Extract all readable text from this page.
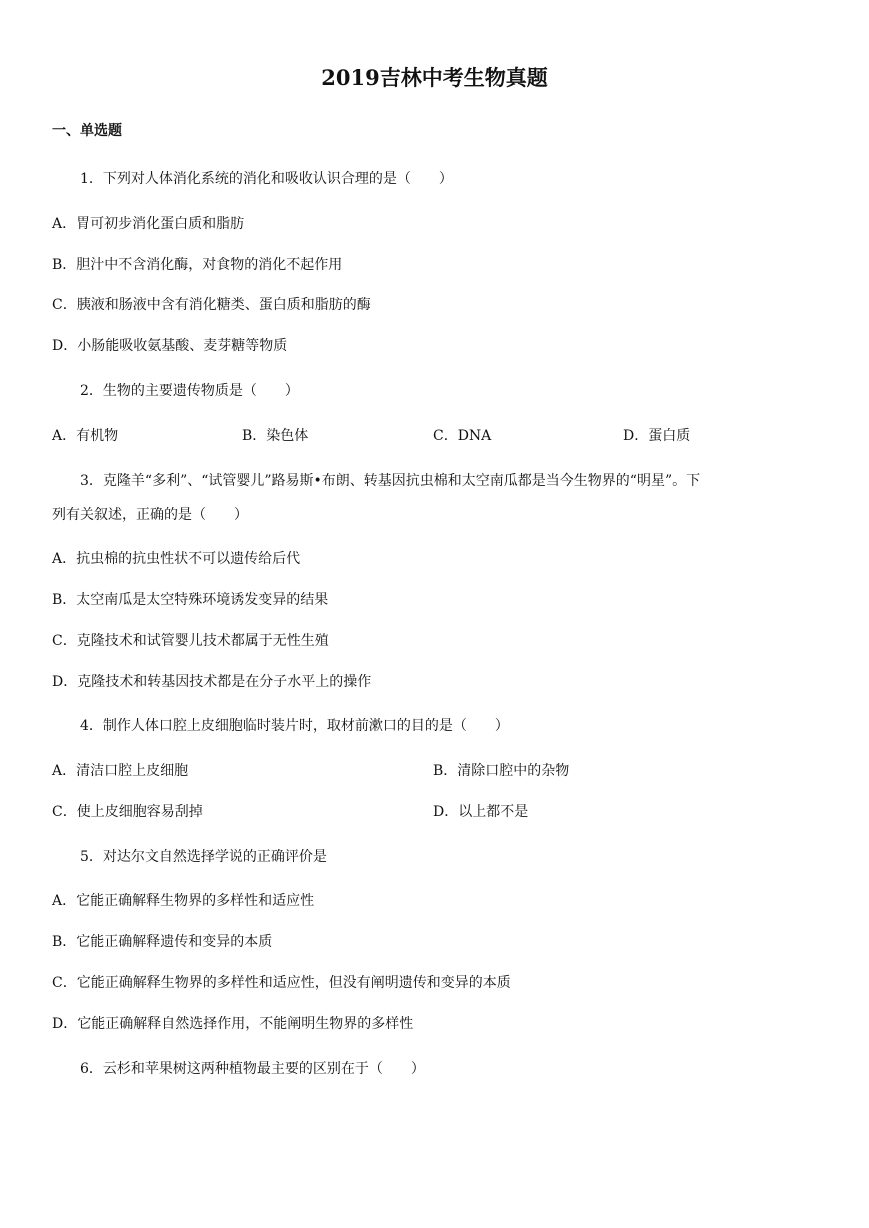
2019吉林中考生物真题
一、单选题
1．下列对人体消化系统的消化和吸收认识合理的是（　　）
A．胃可初步消化蛋白质和脂肪
B．胆汁中不含消化酶，对食物的消化不起作用
C．胰液和肠液中含有消化糖类、蛋白质和脂肪的酶
D．小肠能吸收氨基酸、麦芽糖等物质
2．生物的主要遗传物质是（　　）
A．有机物	B．染色体	C．DNA	D．蛋白质
3．克隆羊“多利”、“试管婴儿”路易斯•布朗、转基因抗虫棉和太空南瓜都是当今生物界的“明星”。下
列有关叙述，正确的是（　　）
A．抗虫棉的抗虫性状不可以遗传给后代
B．太空南瓜是太空特殊环境诱发变异的结果
C．克隆技术和试管婴儿技术都属于无性生殖
D．克隆技术和转基因技术都是在分子水平上的操作
4．制作人体口腔上皮细胞临时装片时，取材前漱口的目的是（　　）
A．清洁口腔上皮细胞	B．清除口腔中的杂物
C．使上皮细胞容易刮掉	D．以上都不是
5．对达尔文自然选择学说的正确评价是
A．它能正确解释生物界的多样性和适应性
B．它能正确解释遗传和变异的本质
C．它能正确解释生物界的多样性和适应性，但没有阐明遗传和变异的本质
D．它能正确解释自然选择作用，不能阐明生物界的多样性
6．云杉和苹果树这两种植物最主要的区别在于（　　）
